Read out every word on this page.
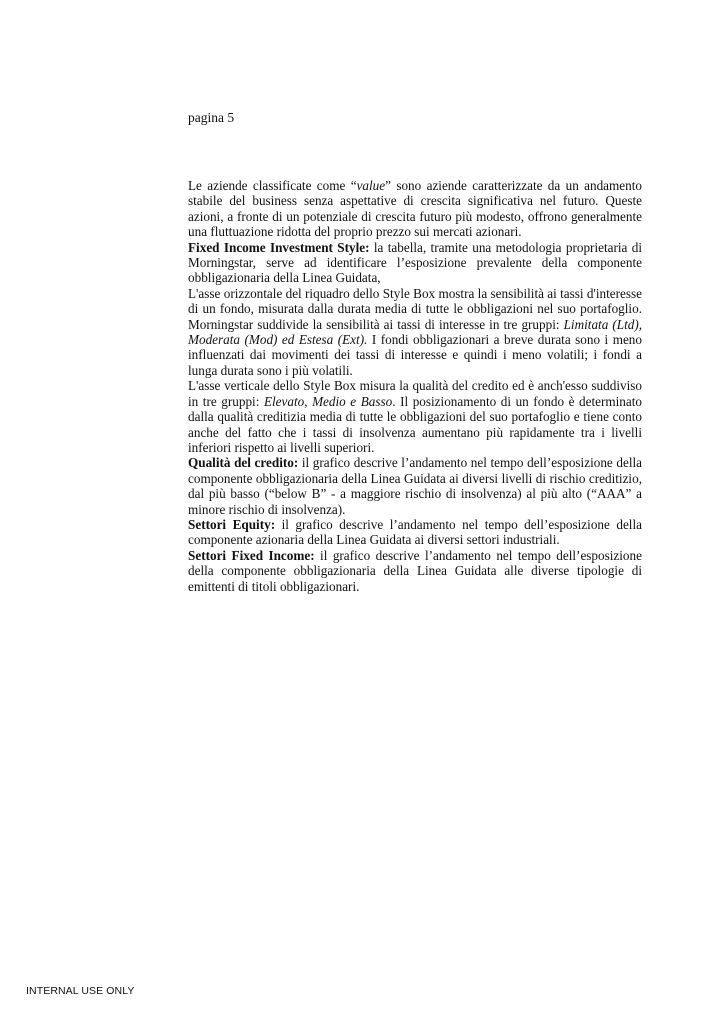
pagina 5

Le aziende classificate come “value” sono aziende caratterizzate da un andamento stabile del business senza aspettative di crescita significativa nel futuro. Queste azioni, a fronte di un potenziale di crescita futuro più modesto, offrono generalmente una fluttuazione ridotta del proprio prezzo sui mercati azionari.

Fixed Income Investment Style: la tabella, tramite una metodologia proprietaria di Morningstar, serve ad identificare l’esposizione prevalente della componente obbligazionaria della Linea Guidata,

L'asse orizzontale del riquadro dello Style Box mostra la sensibilità ai tassi d'interesse di un fondo, misurata dalla durata media di tutte le obbligazioni nel suo portafoglio. Morningstar suddivide la sensibilità ai tassi di interesse in tre gruppi: Limitata (Ltd), Moderata (Mod) ed Estesa (Ext). I fondi obbligazionari a breve durata sono i meno influenzati dai movimenti dei tassi di interesse e quindi i meno volatili; i fondi a lunga durata sono i più volatili.

L'asse verticale dello Style Box misura la qualità del credito ed è anch'esso suddiviso in tre gruppi: Elevato, Medio e Basso. Il posizionamento di un fondo è determinato dalla qualità creditizia media di tutte le obbligazioni del suo portafoglio e tiene conto anche del fatto che i tassi di insolvenza aumentano più rapidamente tra i livelli inferiori rispetto ai livelli superiori.

Qualità del credito: il grafico descrive l’andamento nel tempo dell’esposizione della componente obbligazionaria della Linea Guidata ai diversi livelli di rischio creditizio, dal più basso (“below B” - a maggiore rischio di insolvenza) al più alto (“AAA” a minore rischio di insolvenza).

Settori Equity: il grafico descrive l’andamento nel tempo dell’esposizione della componente azionaria della Linea Guidata ai diversi settori industriali.

Settori Fixed Income: il grafico descrive l’andamento nel tempo dell’esposizione della componente obbligazionaria della Linea Guidata alle diverse tipologie di emittenti di titoli obbligazionari.

INTERNAL USE ONLY
